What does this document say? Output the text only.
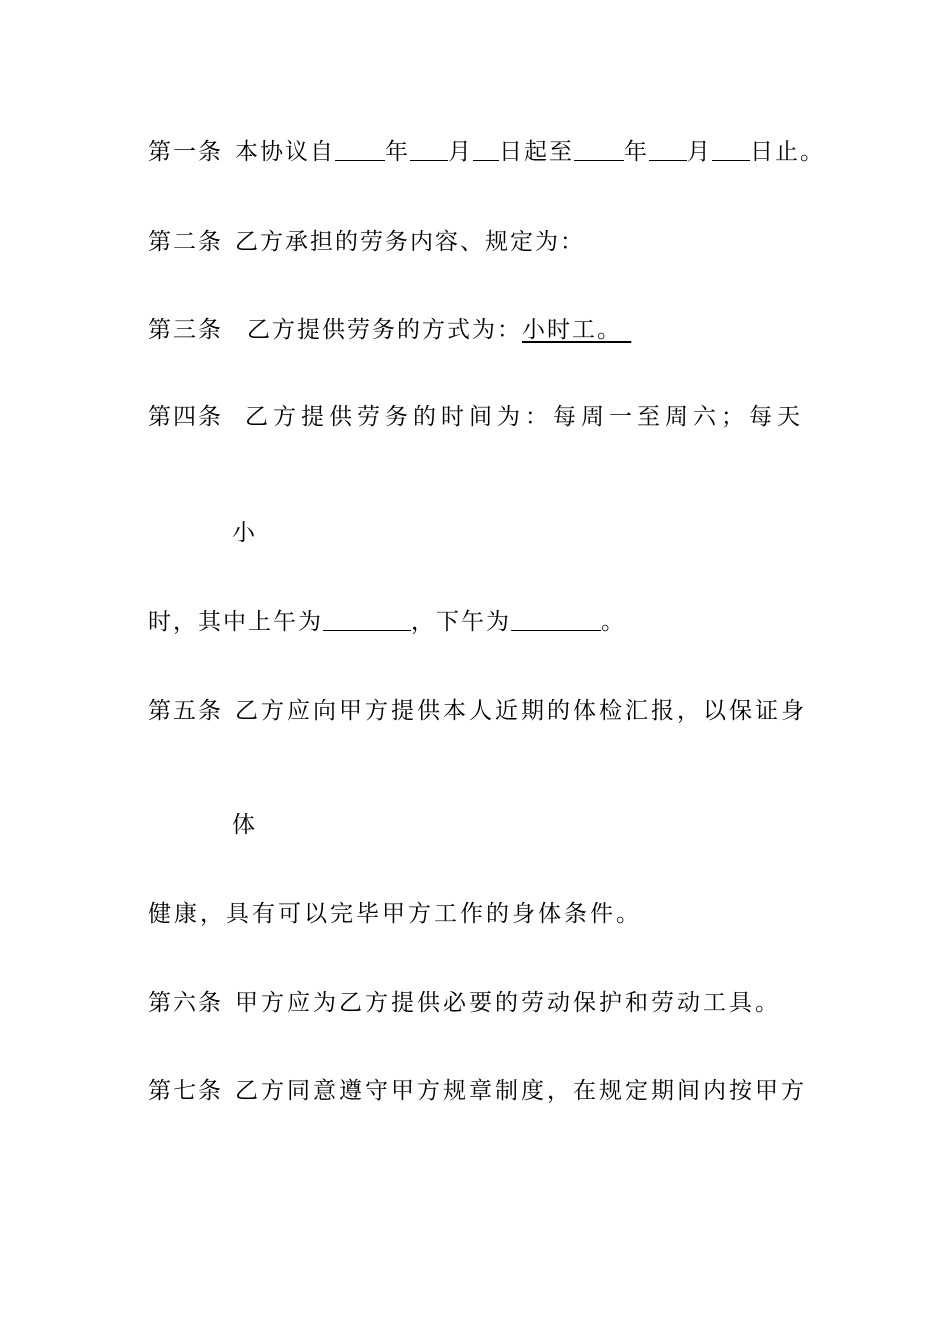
第一条 本协议自 年 月 日起至 年 月 日止。
第二条 乙方承担的劳务内容、规定为：
第三条 乙方提供劳务的方式为：小时工。
第四条 乙方提供劳务的时间为：每周一至周六；每天
小
时，其中上午为	，下午为	。
第五条 乙方应向甲方提供本人近期的体检汇报，以保证身
体
健康，具有可以完毕甲方工作的身体条件。
第六条 甲方应为乙方提供必要的劳动保护和劳动工具。
第七条 乙方同意遵守甲方规章制度，在规定期间内按甲方
